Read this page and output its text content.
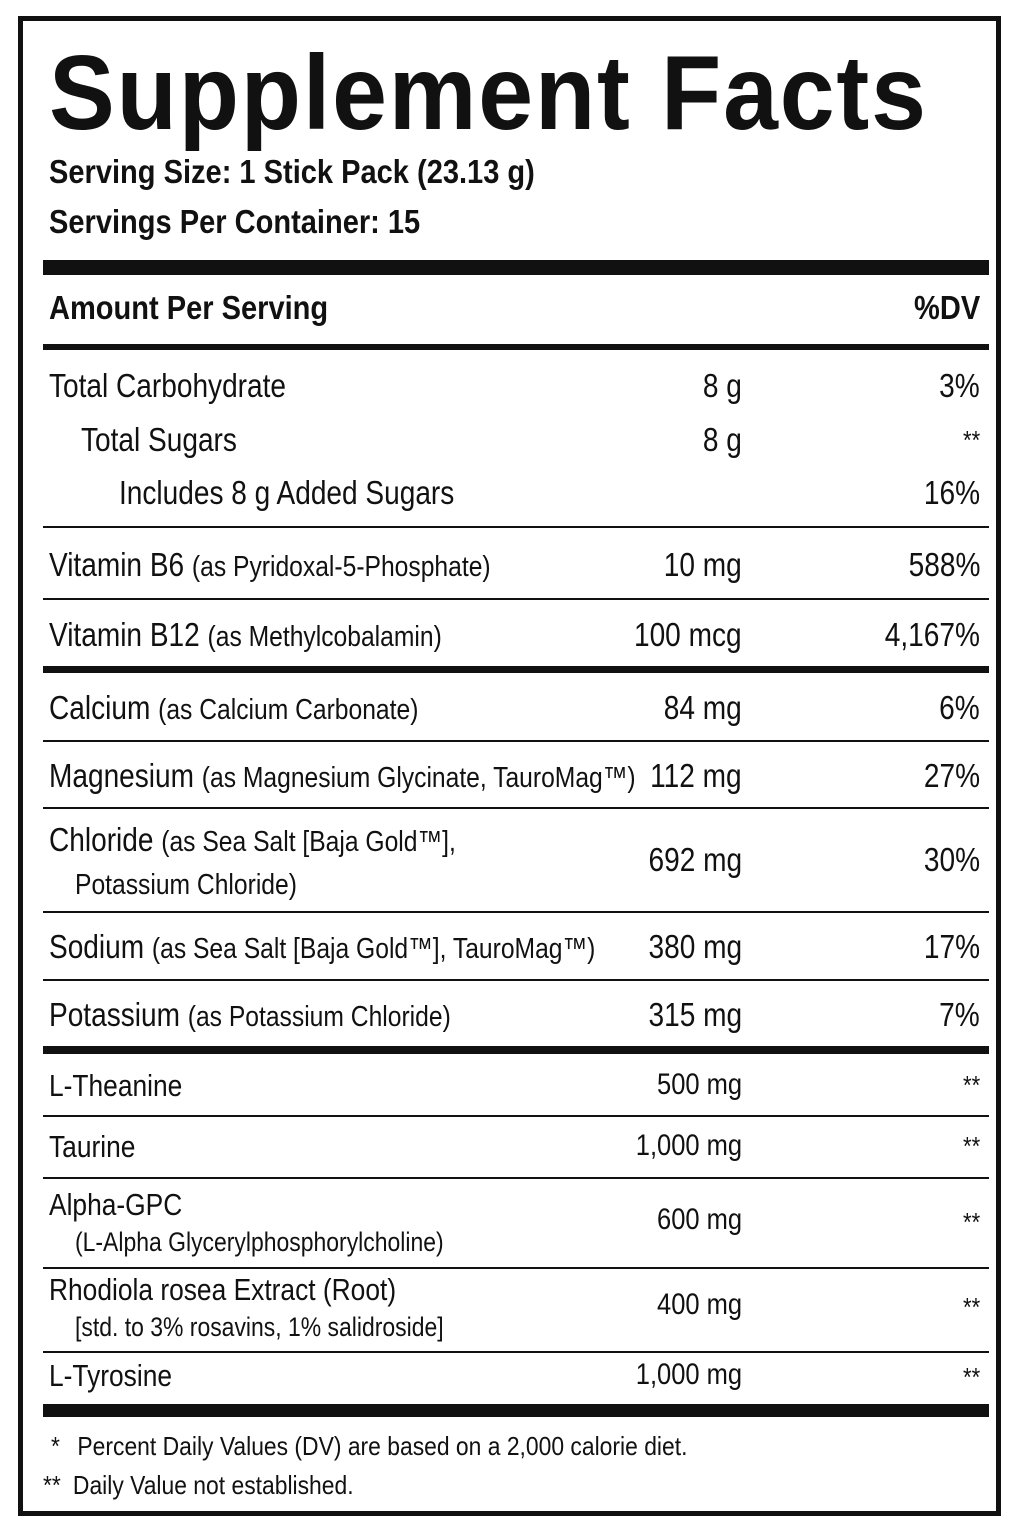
Supplement Facts
Serving Size: 1 Stick Pack (23.13 g)
Servings Per Container: 15
Amount Per Serving	%DV
Total Carbohydrate	8 g	3%
Total Sugars	8 g	**
Includes 8 g Added Sugars	16%
Vitamin B6 (as Pyridoxal-5-Phosphate)	10 mg	588%
Vitamin B12 (as Methylcobalamin)	100 mcg	4,167%
Calcium (as Calcium Carbonate)	84 mg	6%
Magnesium (as Magnesium Glycinate, TauroMag™) 112 mg	27%
Chloride (as Sea Salt [Baja Gold™],
Potassium Chloride)
692 mg	30%
Sodium (as Sea Salt [Baja Gold™], TauroMag™) 380 mg	17%
Potassium (as Potassium Chloride)	315 mg	7%
L-Theanine	500 mg	**
Taurine	1,000 mg	**
Alpha-GPC
(L-Alpha Glycerylphosphorylcholine)
600 mg	**
Rhodiola rosea Extract (Root)
[std. to 3% rosavins, 1% salidroside]
400 mg	**
L-Tyrosine	1,000 mg	**
* Percent Daily Values (DV) are based on a 2,000 calorie diet.
** Daily Value not established.
